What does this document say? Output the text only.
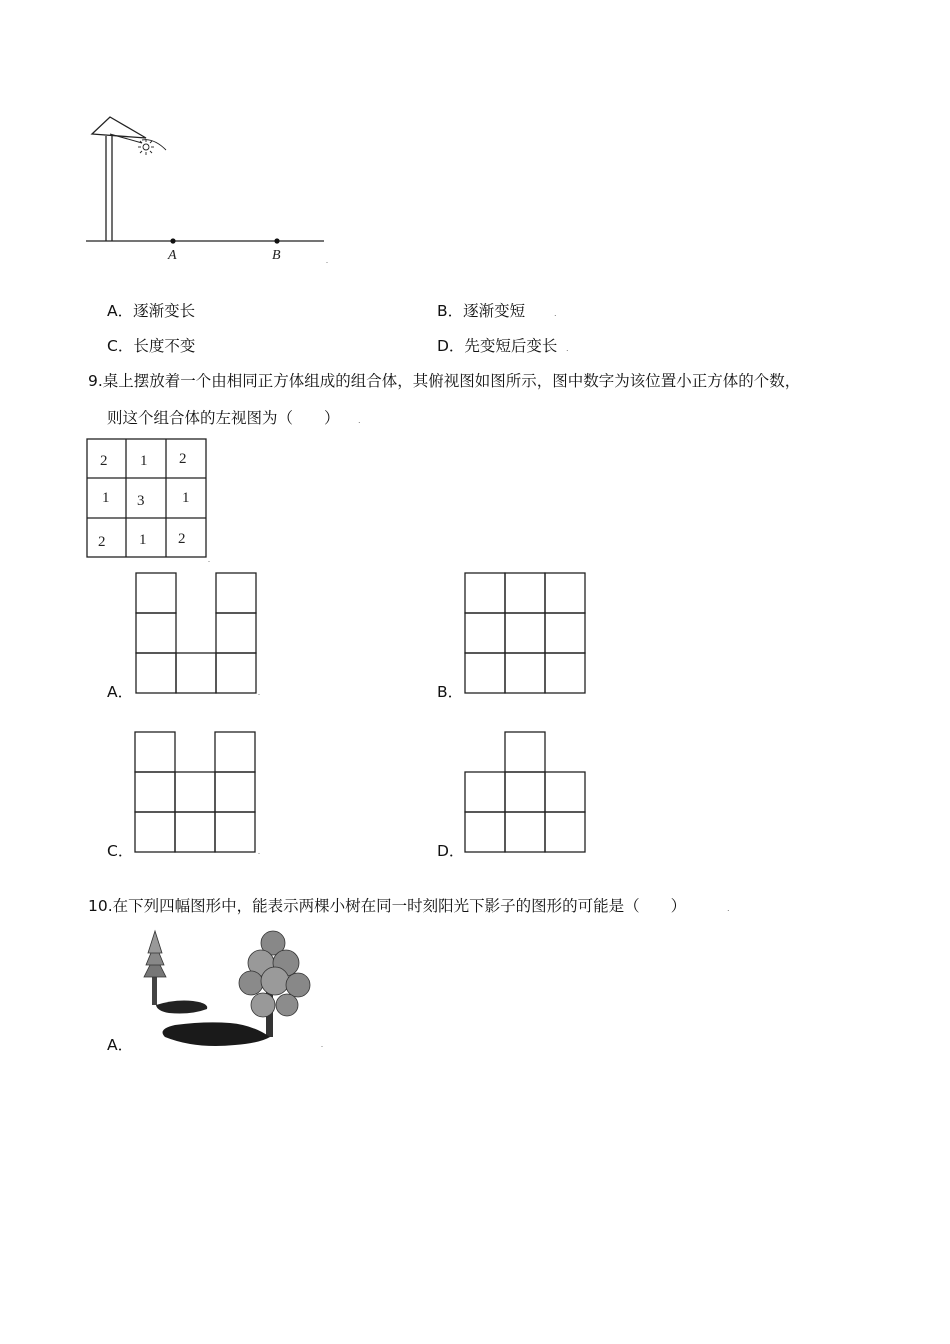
A	B	.
A．逐渐变长	B．逐渐变短
C．长度不变	D．先变短后变长
9.桌上摆放着一个由相同正方体组成的组合体，其俯视图如图所示，图中数字为该位置小正方体的个数，
则这个组合体的左视图为（　　）
2 1 2
1 3	1
2 1 2
.
A．	.	B．
C．	.	D．
10.在下列四幅图形中，能表示两棵小树在同一时刻阳光下影子的图形的可能是（　　）	.
A．	.
.
.
.
